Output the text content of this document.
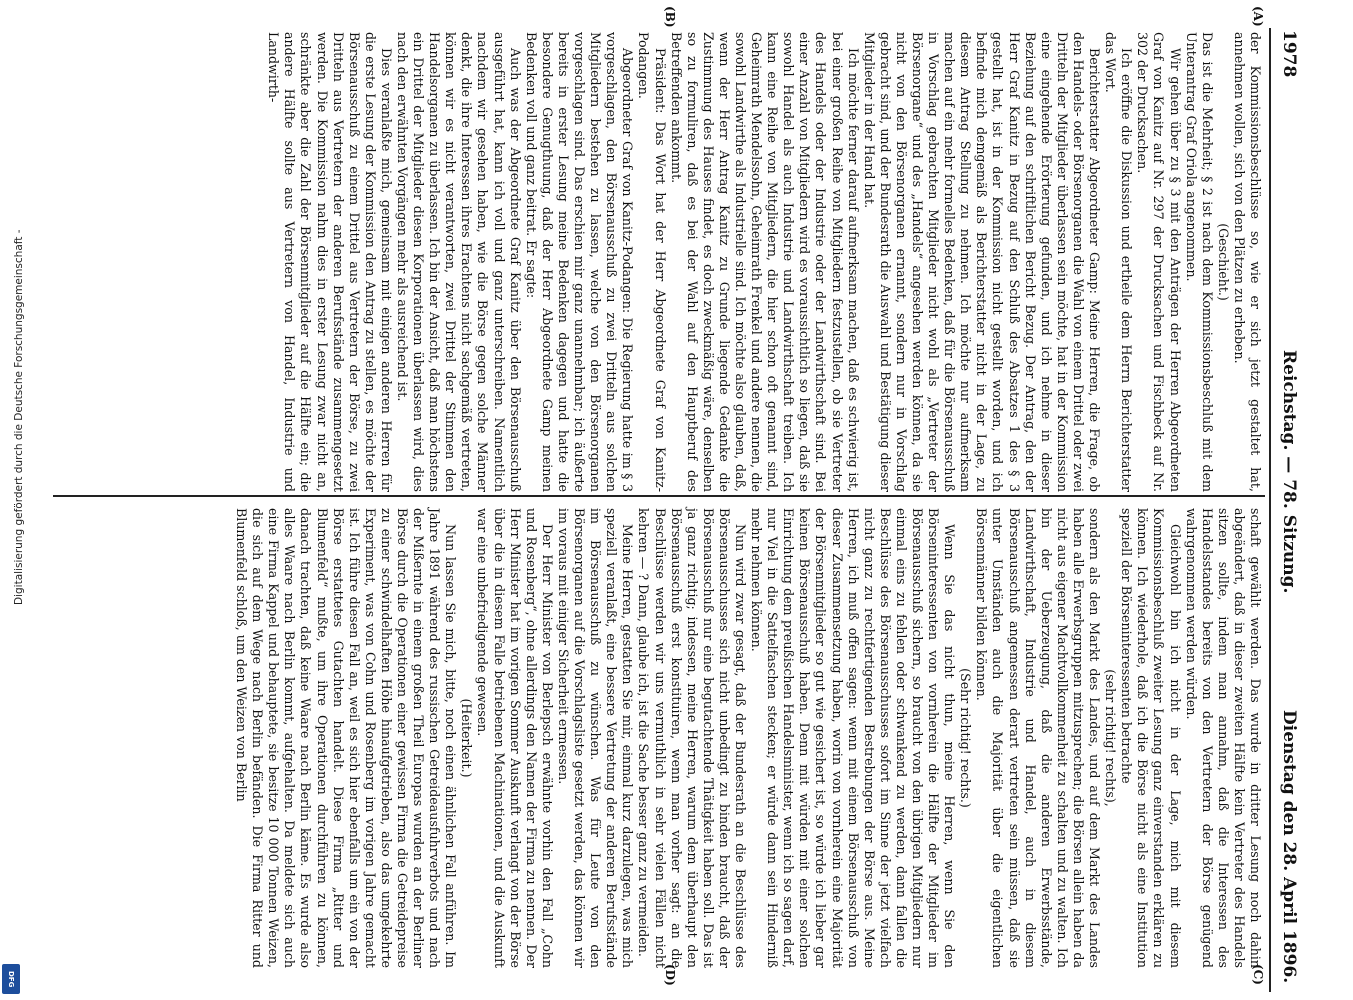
Digitalisierung gefördert durch die Deutsche Forschungsgemeinschaft -
DFG
1978
Reichstag. — 78. Sitzung.
Dienstag den 28. April 1896.
(A)
(B)
(C)
(D)

der Kommissionsbeschlüsse so, wie er sich jetzt gestaltet hat, annehmen wollen, sich von den Plätzen zu erheben.

(Geschieht.)

Das ist die Mehrheit; § 2 ist nach dem Kommissionsbeschluß mit dem Unterantrag Graf Oriola angenommen.

Wir gehen über zu § 3 mit den Anträgen der Herren Abgeordneten Graf von Kanitz auf Nr. 297 der Drucksachen und Fischbeck auf Nr. 302 der Drucksachen.

Ich eröffne die Diskussion und ertheile dem Herrn Berichterstatter das Wort.

Berichterstatter Abgeordneter Gamp: Meine Herren, die Frage, ob den Handels- oder Börsenorganen die Wahl von einem Drittel oder zwei Dritteln der Mitglieder überlassen sein möchte, hat in der Kommission eine eingehende Erörterung gefunden, und ich nehme in dieser Beziehung auf den schriftlichen Bericht Bezug. Der Antrag, den der Herr Graf Kanitz in Bezug auf den Schluß des Absatzes 1 des § 3 gestellt hat, ist in der Kommission nicht gestellt worden, und ich befinde mich demgemäß als Berichterstatter nicht in der Lage, zu diesem Antrag Stellung zu nehmen. Ich möchte nur aufmerksam machen auf ein mehr formelles Bedenken, daß für die Börsenausschuß in Vorschlag gebrachten Mitglieder nicht wohl als „Vertreter der Börsenorgane“ und des „Handels“ angesehen werden können, da sie nicht von den Börsenorganen ernannt, sondern nur in Vorschlag gebracht sind, und der Bundesrath die Auswahl und Bestätigung dieser Mitglieder in der Hand hat.

Ich möchte ferner darauf aufmerksam machen, daß es schwierig ist, bei einer großen Reihe von Mitgliedern festzustellen, ob sie Vertreter des Handels oder der Industrie oder der Landwirthschaft sind. Bei einer Anzahl von Mitgliedern wird es voraussichtlich so liegen, daß sie sowohl Handel als auch Industrie und Landwirthschaft treiben. Ich kann eine Reihe von Mitgliedern, die hier schon oft genannt sind, Geheimrath Mendelssohn, Geheimrath Frenkel und andere nennen, die sowohl Landwirthe als Industrielle sind. Ich möchte also glauben, daß, wenn der Herr Antrag Kanitz zu Grunde liegende Gedanke die Zustimmung des Hauses findet, es doch zweckmäßig wäre, denselben so zu formuliren, daß es bei der Wahl auf den Hauptberuf des Betreffenden ankommt.

Präsident: Das Wort hat der Herr Abgeordnete Graf von Kanitz-Podangen.

Abgeordneter Graf von Kanitz-Podangen: Die Regierung hatte im § 3 vorgeschlagen, den Börsenausschuß zu zwei Dritteln aus solchen Mitgliedern bestehen zu lassen, welche von den Börsenorganen vorgeschlagen sind. Das erschien mir ganz unannehmbar; ich äußerte bereits in erster Lesung meine Bedenken dagegen und hatte die besondere Genugthuung, daß der Herr Abgeordnete Gamp meinen Bedenken voll und ganz beitrat. Er sagte:

Auch was der Abgeordnete Graf Kanitz über den Börsenausschuß ausgeführt hat, kann ich voll und ganz unterschreiben. Namentlich nachdem wir gesehen haben, wie die Börse gegen solche Männer denkt, die ihre Interessen ihres Erachtens nicht sachgemäß vertreten, können wir es nicht verantworten, zwei Drittel der Stimmen den Handelsorganen zu überlassen. Ich bin der Ansicht, daß man höchstens ein Drittel der Mitglieder diesen Korporationen überlassen wird, dies nach den erwähnten Vorgängen mehr als ausreichend ist.

Dies veranlaßte mich, gemeinsam mit einigen anderen Herren für die erste Lesung der Kommission den Antrag zu stellen, es möchte der Börsenausschuß zu einem Drittel aus Vertretern der Börse, zu zwei Dritteln aus Vertretern der anderen Berufsstände zusammengesetzt werden. Die Kommission nahm dies in erster Lesung zwar nicht an, schränkte aber die Zahl der Börsenmitglieder auf die Hälfte ein; die andere Hälfte sollte aus Vertretern von Handel, Industrie und Landwirth-

schaft gewählt werden. Das wurde in dritter Lesung noch dahin abgeändert, daß in dieser zweiten Hälfte kein Vertreter des Handels sitzen sollte, indem man annahm, daß die Interessen des Handelsstandes bereits von den Vertretern der Börse genügend wahrgenommen werden würden.

Gleichwohl bin ich nicht in der Lage, mich mit diesem Kommissionsbeschluß zweiter Lesung ganz einverstanden erklären zu können. Ich wiederhole, daß ich die Börse nicht als eine Institution speziell der Börseninteressenten betrachte

(sehr richtig! rechts),

sondern als den Markt des Landes, und auf dem Markt des Landes haben alle Erwerbsgruppen mitzusprechen; die Börsen allein haben da nicht aus eigener Machtvollkommenheit zu schalten und zu walten. Ich bin der Ueberzeugung, daß die anderen Erwerbsstände, Landwirthschaft, Industrie und Handel, auch in diesem Börsenausschuß angemessen derart vertreten sein müssen, daß sie unter Umständen auch die Majorität über die eigentlichen Börsenmänner bilden können.

(Sehr richtig! rechts.)

Wenn Sie das nicht thun, meine Herren, wenn Sie den Börseninteressenten von vornherein die Hälfte der Mitglieder im Börsenausschuß sichern, so braucht von den übrigen Mitgliedern nur einmal eins zu fehlen oder schwankend zu werden, dann fallen die Beschlüsse des Börsenausschusses sofort im Sinne der jetzt vielfach nicht ganz zu rechtfertigenden Bestrebungen der Börse aus. Meine Herren, ich muß offen sagen: wenn mit einem Börsenausschuß von dieser Zusammensetzung haben, worin von vornherein eine Majorität der Börsenmitglieder so gut wie gesichert ist, so würde ich lieber gar keinen Börsenausschuß haben. Denn mit würden mit einer solchen Einrichtung dem preußischen Handelsminister, wenn ich so sagen darf, nur Viel in die Sattelfaschen stecken; er würde dann sein Hinderniß mehr nehmen können.

Nun wird zwar gesagt, daß der Bundesrath an die Beschlüsse des Börsenausschusses sich nicht unbedingt zu binden braucht, daß der Börsenausschuß nur eine begutachtende Thätigkeit haben soll. Das ist ja ganz richtig; indessen, meine Herren, warum dem überhaupt den Börsenausschuß erst konstituiren, wenn man vorher sagt: an die Beschlüsse werden wir uns vermuthlich in sehr vielen Fällen nicht kehren — ? Dann, glaube ich, ist die Sache besser ganz zu vermeiden.

Meine Herren, gestatten Sie mir, einmal kurz darzulegen, was mich speziell veranlaßt, eine bessere Vertretung der anderen Berufsstände im Börsenausschuß zu wünschen. Was für Leute von den Börsenorganen auf die Vorschlagsliste gesetzt werden, das können wir im voraus mit einiger Sicherheit ermessen.

Der Herr Minister von Berlepsch erwähnte vorhin den Fall „Cohn und Rosenberg“, ohne allerdings den Namen der Firma zu nennen. Der Herr Minister hat im vorigen Sommer Auskunft verlangt von der Börse über die in diesem Falle betriebenen Machinationen, und die Auskunft war eine unbefriedigende gewesen.

(Heiterkeit.)

Nun lassen Sie mich, bitte, noch einen ähnlichen Fall anführen. Im Jahre 1891 während des russischen Getreideausfuhrverbots und nach der Mißernte in einem großen Theil Europas wurden an der Berliner Börse durch die Operationen einer gewissen Firma die Getreidepreise zu einer schwindelhaften Höhe hinaufgetrieben, also das umgekehrte Experiment, was von Cohn und Rosenberg im vorigen Jahre gemacht ist. Ich führe diesen Fall an, weil es sich hier ebenfalls um ein von der Börse erstattetes Gutachten handelt. Diese Firma „Ritter und Blumenfeld“ mußte, um ihre Operationen durchführen zu können, danach trachten, daß keine Waare nach Berlin käme. Es wurde also alles Waare nach Berlin kommt, aufgehalten. Da meldete sich auch eine Firma Kappel und behauptete, sie besitze 10 000 Tonnen Weizen, die sich auf dem Wege nach Berlin befänden. Die Firma Ritter und Blumenfeld schloß, um den Weizen von Berlin
